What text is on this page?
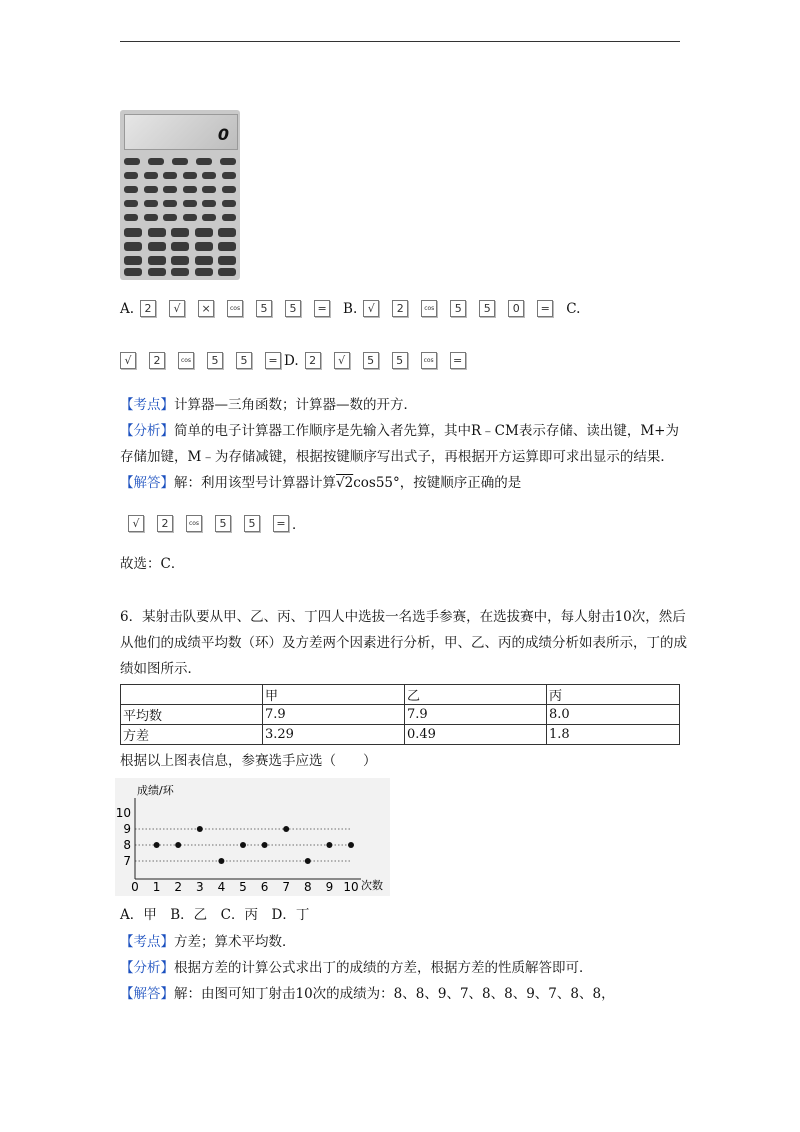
0
A. 2	√	×	cos	5	5	= B. √	2	cos	5	5	0	= C.
√	2	cos	5	5	= D. 2	√	5	5	cos	=
【考点】计算器—三角函数；计算器—数的开方．
【分析】简单的电子计算器工作顺序是先输入者先算，其中R﹣CM表示存储、读出键，M+为
存储加键，M﹣为存储减键，根据按键顺序写出式子，再根据开方运算即可求出显示的结果．
【解答】解：利用该型号计算器计算√2cos55°，按键顺序正确的是
√	2	cos	5	5	= ．
故选：C．
6．某射击队要从甲、乙、丙、丁四人中选拔一名选手参赛，在选拔赛中，每人射击10次，然后
从他们的成绩平均数（环）及方差两个因素进行分析，甲、乙、丙的成绩分析如表所示，丁的成
绩如图所示．
	甲	乙	丙
平均数	7.9	7.9	8.0
方差	3.29	0.49	1.8
根据以上图表信息，参赛选手应选（　　）
0 1 2 3 4 5 6 7 8 9 10
7
8
9
10
成绩/环
次数
A．甲　B．乙　C．丙　D．丁
【考点】方差；算术平均数．
【分析】根据方差的计算公式求出丁的成绩的方差，根据方差的性质解答即可．
【解答】解：由图可知丁射击10次的成绩为：8、8、9、7、8、8、9、7、8、8，
